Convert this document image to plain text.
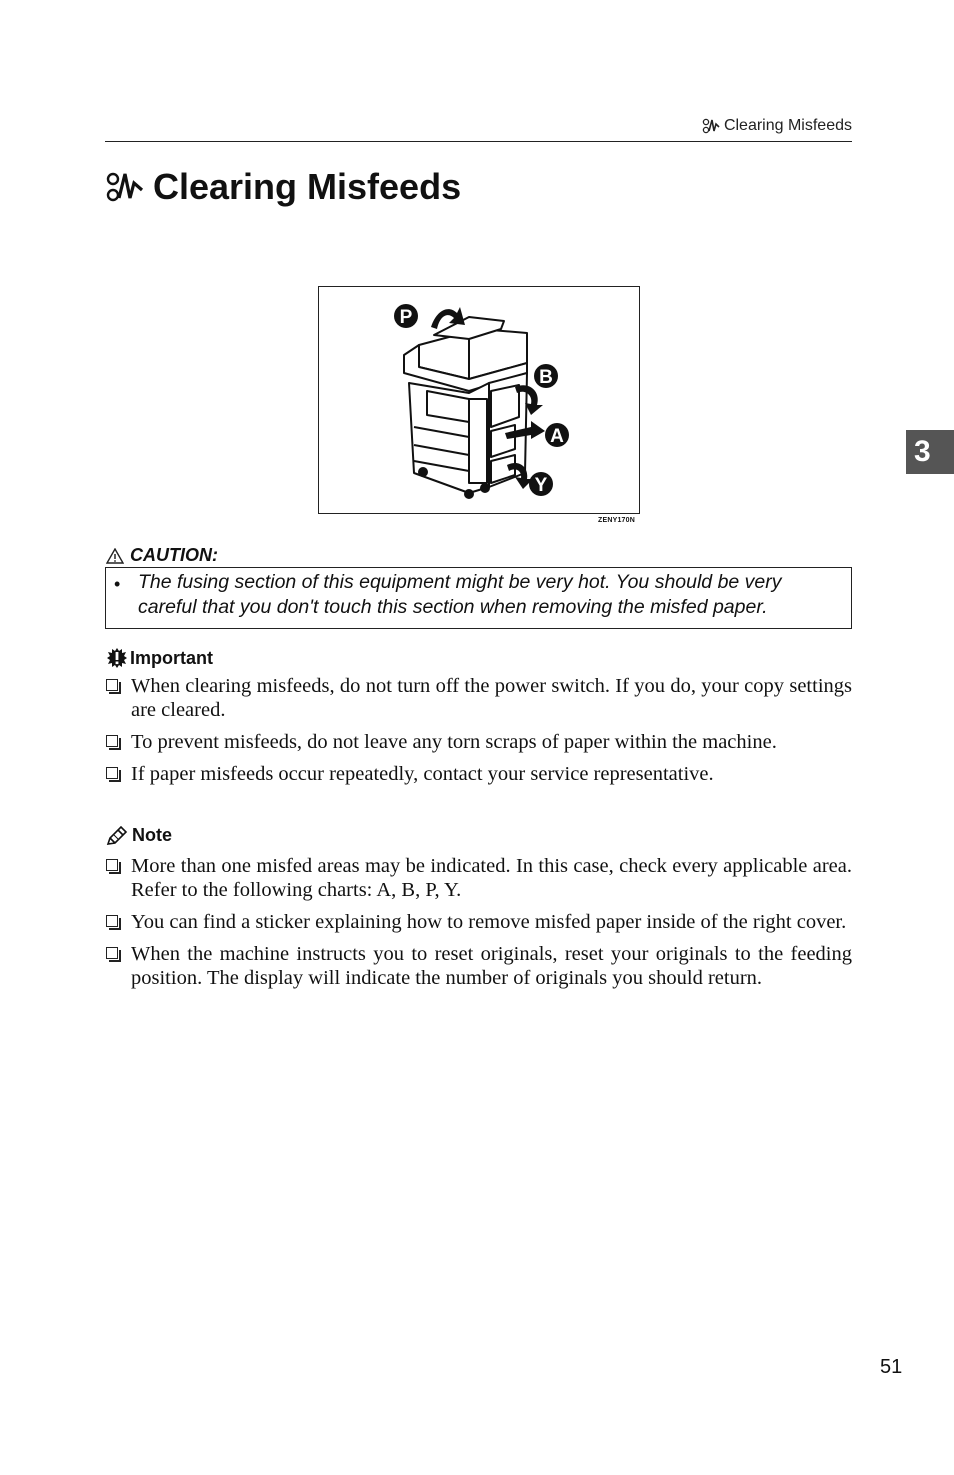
Clearing Misfeeds
Clearing Misfeeds
3
P
B
A
Y
ZENY170N
CAUTION:
• The fusing section of this equipment might be very hot. You should be very careful that you don't touch this section when removing the misfed paper.
Important
When clearing misfeeds, do not turn off the power switch. If you do, your copy settings are cleared.
To prevent misfeeds, do not leave any torn scraps of paper within the machine.
If paper misfeeds occur repeatedly, contact your service representative.
Note
More than one misfed areas may be indicated. In this case, check every applicable area. Refer to the following charts: A, B, P, Y.
You can find a sticker explaining how to remove misfed paper inside of the right cover.
When the machine instructs you to reset originals, reset your originals to the feeding position. The display will indicate the number of originals you should return.
51
